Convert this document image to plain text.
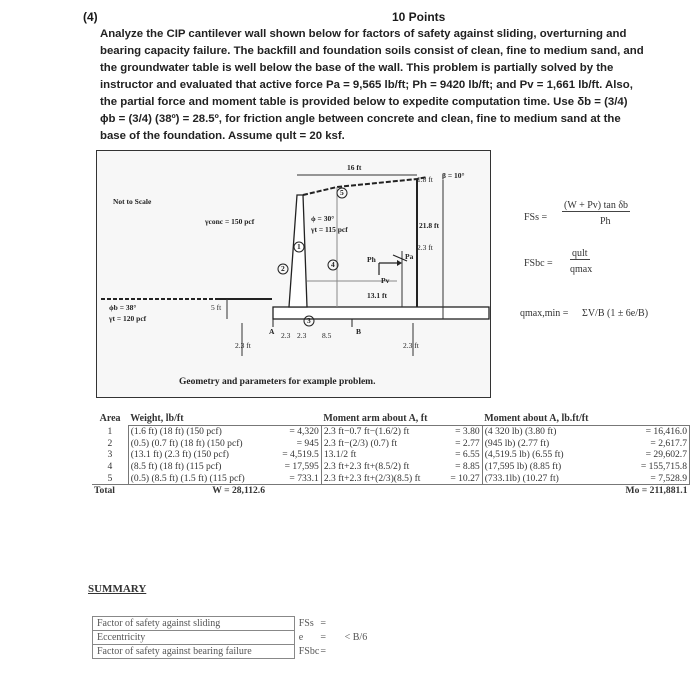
(4)	10 Points
Analyze the CIP cantilever wall shown below for factors of safety against sliding, overturning and
bearing capacity failure. The backfill and foundation soils consist of clean, fine to medium sand, and
the groundwater table is well below the base of the wall. This problem is partially solved by the
instructor and evaluated that active force Pa = 9,565 lb/ft; Ph = 9420 lb/ft; and Pv = 1,661 lb/ft. Also,
the partial force and moment table is provided below to expedite computation time. Use δb = (3/4)
ϕb = (3/4) (38º) = 28.5º, for friction angle between concrete and clean, fine to medium sand at the
base of the foundation. Assume qult = 20 ksf.
Not to Scale
16 ft
β = 10°
γconc = 150 pcf	ϕ = 30°
γt = 115 pcf	21.8 ft
1.8 ft
2.3 ft
5 ft
2.3 ft	2.3 ft
8.5
2.3 2.3
13.1 ft
ϕb = 38°
γt = 120 pcf
A	B
Pa
Pv
Ph
1
2
3
4
5
Geometry and parameters for example problem.
FSs =
(W + Pv) tan δb
Ph
FSbc =
qult
qmax
qmax,min = ΣV/B (1 ± 6e/B)
Area	Weight, lb/ft		Moment arm about A, ft		Moment about A, lb.ft/ft	
1	(1.6 ft) (18 ft) (150 pcf)	= 4,320	2.3 ft−0.7 ft−(1.6/2) ft	= 3.80	(4 320 lb) (3.80 ft)	= 16,416.0
2	(0.5) (0.7 ft) (18 ft) (150 pcf)	= 945	2.3 ft−(2/3) (0.7) ft	= 2.77	(945 lb) (2.77 ft)	= 2,617.7
3	(13.1 ft) (2.3 ft) (150 pcf)	= 4,519.5	13.1/2 ft	= 6.55	(4,519.5 lb) (6.55 ft)	= 29,602.7
4	(8.5 ft) (18 ft) (115 pcf)	= 17,595	2.3 ft+2.3 ft+(8.5/2) ft	= 8.85	(17,595 lb) (8.85 ft)	= 155,715.8
5	(0.5) (8.5 ft) (1.5 ft) (115 pcf)	= 733.1	2.3 ft+2.3 ft+(2/3)(8.5) ft	= 10.27	(733.1lb) (10.27 ft)	= 7,528.9
Total	W = 28,112.6				Mo = 211,881.1	
SUMMARY
Factor of safety against sliding	FSs	=	
Eccentricity	e	=	< B/6
Factor of safety against bearing failure	FSbc	=	
